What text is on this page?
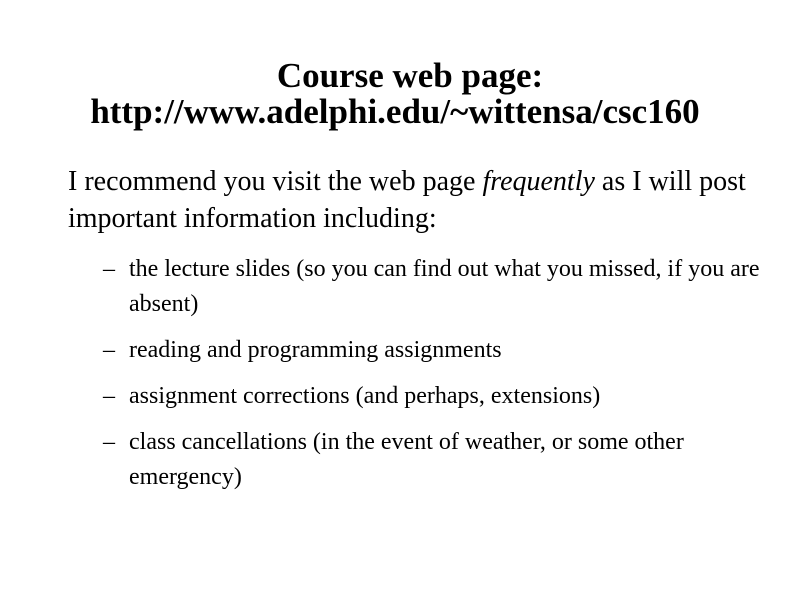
Course web page:
http://www.adelphi.edu/~wittensa/csc160
I recommend you visit the web page frequently as I will post important information including:
– the lecture slides (so you can find out what you missed, if you are absent)
– reading and programming assignments
– assignment corrections (and perhaps, extensions)
– class cancellations (in the event of weather, or some other emergency)
